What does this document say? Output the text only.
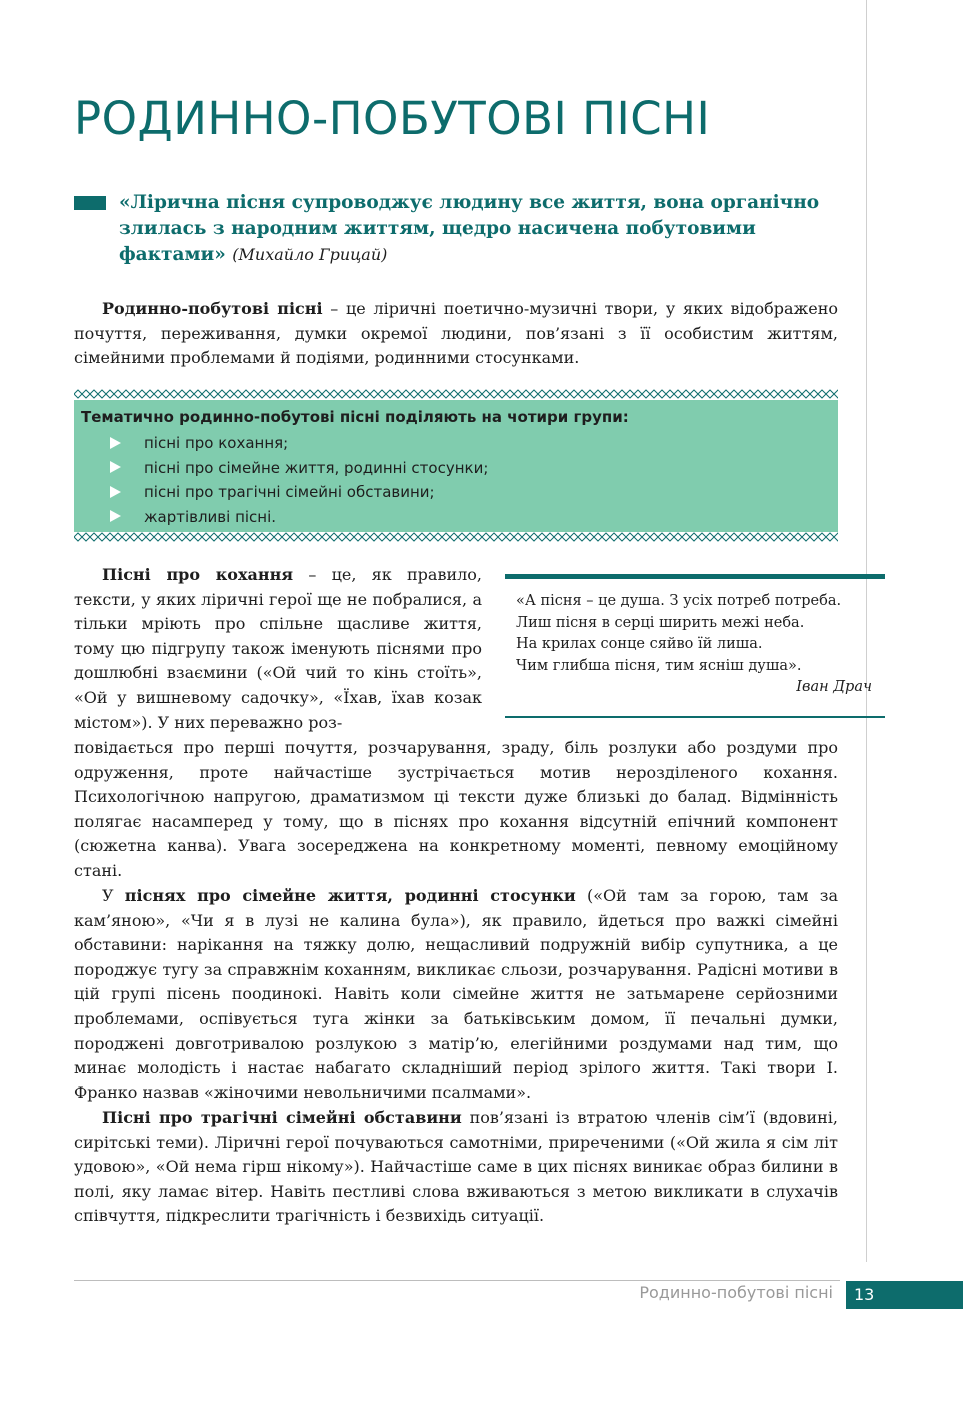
РОДИННО-ПОБУТОВІ ПІСНІ

«Лірична пісня супроводжує людину все життя, вона органічно злилась з народним життям, щедро насичена побутовими фактами» (Михайло Грицай)

Родинно-побутові пісні – це ліричні поетично-музичні твори, у яких відображено почуття, переживання, думки окремої людини, пов’язані з її особистим життям, сімейними проблемами й подіями, родинними стосунками.

Тематично родинно-побутові пісні поділяють на чотири групи:

пісні про кохання;
пісні про сімейне життя, родинні стосунки;
пісні про трагічні сімейні обставини;
жартівливі пісні.

Пісні про кохання – це, як правило, тексти, у яких ліричні герої ще не побралися, а тільки мріють про спільне щасливе життя, тому цю підгрупу також іменують піснями про дошлюбні взаємини («Ой чий то кінь стоїть», «Ой у вишневому садочку», «Їхав, їхав козак містом»). У них переважно роз-

«А пісня – це душа. З усіх потреб потреба.
Лиш пісня в серці ширить межі неба.
На крилах сонце сяйво їй лиша.
Чим глибша пісня, тим ясніш душа».
Іван Драч

повідається про перші почуття, розчарування, зраду, біль розлуки або роздуми про одруження, проте найчастіше зустрічається мотив нерозділеного кохання. Психологічною напругою, драматизмом ці тексти дуже близькі до балад. Відмінність полягає насамперед у тому, що в піснях про кохання відсутній епічний компонент (сюжетна канва). Увага зосереджена на конкретному моменті, певному емоційному стані.

У піснях про сімейне життя, родинні стосунки («Ой там за горою, там за кам’яною», «Чи я в лузі не калина була»), як правило, йдеться про важкі сімейні обставини: нарікання на тяжку долю, нещасливий подружній вибір супутника, а це породжує тугу за справжнім коханням, викликає сльози, розчарування. Радісні мотиви в цій групі пісень поодинокі. Навіть коли сімейне життя не затьмарене серйозними проблемами, оспівується туга жінки за батьківським домом, її печальні думки, породжені довготривалою розлукою з матір’ю, елегійними роздумами над тим, що минає молодість і настає набагато складніший період зрілого життя. Такі твори І. Франко назвав «жіночими невольничими псалмами».

Пісні про трагічні сімейні обставини пов’язані із втратою членів сім’ї (вдовині, сирітські теми). Ліричні герої почуваються самотніми, приреченими («Ой жила я сім літ удовою», «Ой нема гірш нікому»). Найчастіше саме в цих піснях виникає образ билини в полі, яку ламає вітер. Навіть пестливі слова вживаються з метою викликати в слухачів співчуття, підкреслити трагічність і безвихідь ситуації.

Родинно-побутові пісні	13
